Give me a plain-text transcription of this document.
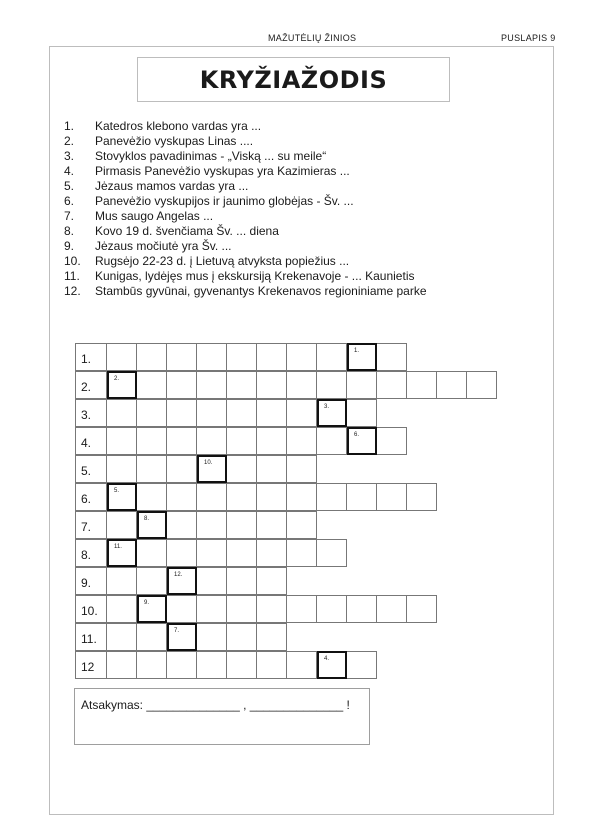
MAŽUTĖLIŲ ŽINIOS	PUSLAPIS 9
KRYŽIAŽODIS
1. Katedros klebono vardas yra ...
2. Panevėžio vyskupas Linas ....
3. Stovyklos pavadinimas - „Viską ... su meile“
4. Pirmasis Panevėžio vyskupas yra Kazimieras ...
5. Jėzaus mamos vardas yra ...
6. Panevėžio vyskupijos ir jaunimo globėjas - Šv. ...
7. Mus saugo Angelas ...
8. Kovo 19 d. švenčiama Šv. ... diena
9. Jėzaus močiutė yra Šv. ...
10. Rugsėjo 22-23 d. į Lietuvą atvyksta popiežius ...
11. Kunigas, lydėjęs mus į ekskursiją Krekenavoje - ... Kaunietis
12. Stambūs gyvūnai, gyvenantys Krekenavos regioniniame parke
1.
1.
2.
2.
3.
3.
4.
6.
5.
10.
6.
5.
7.
8.
8.
11.
9.
12.
10.
9.
11.
7.
12
4.
Atsakymas: ______________ , ______________ !
